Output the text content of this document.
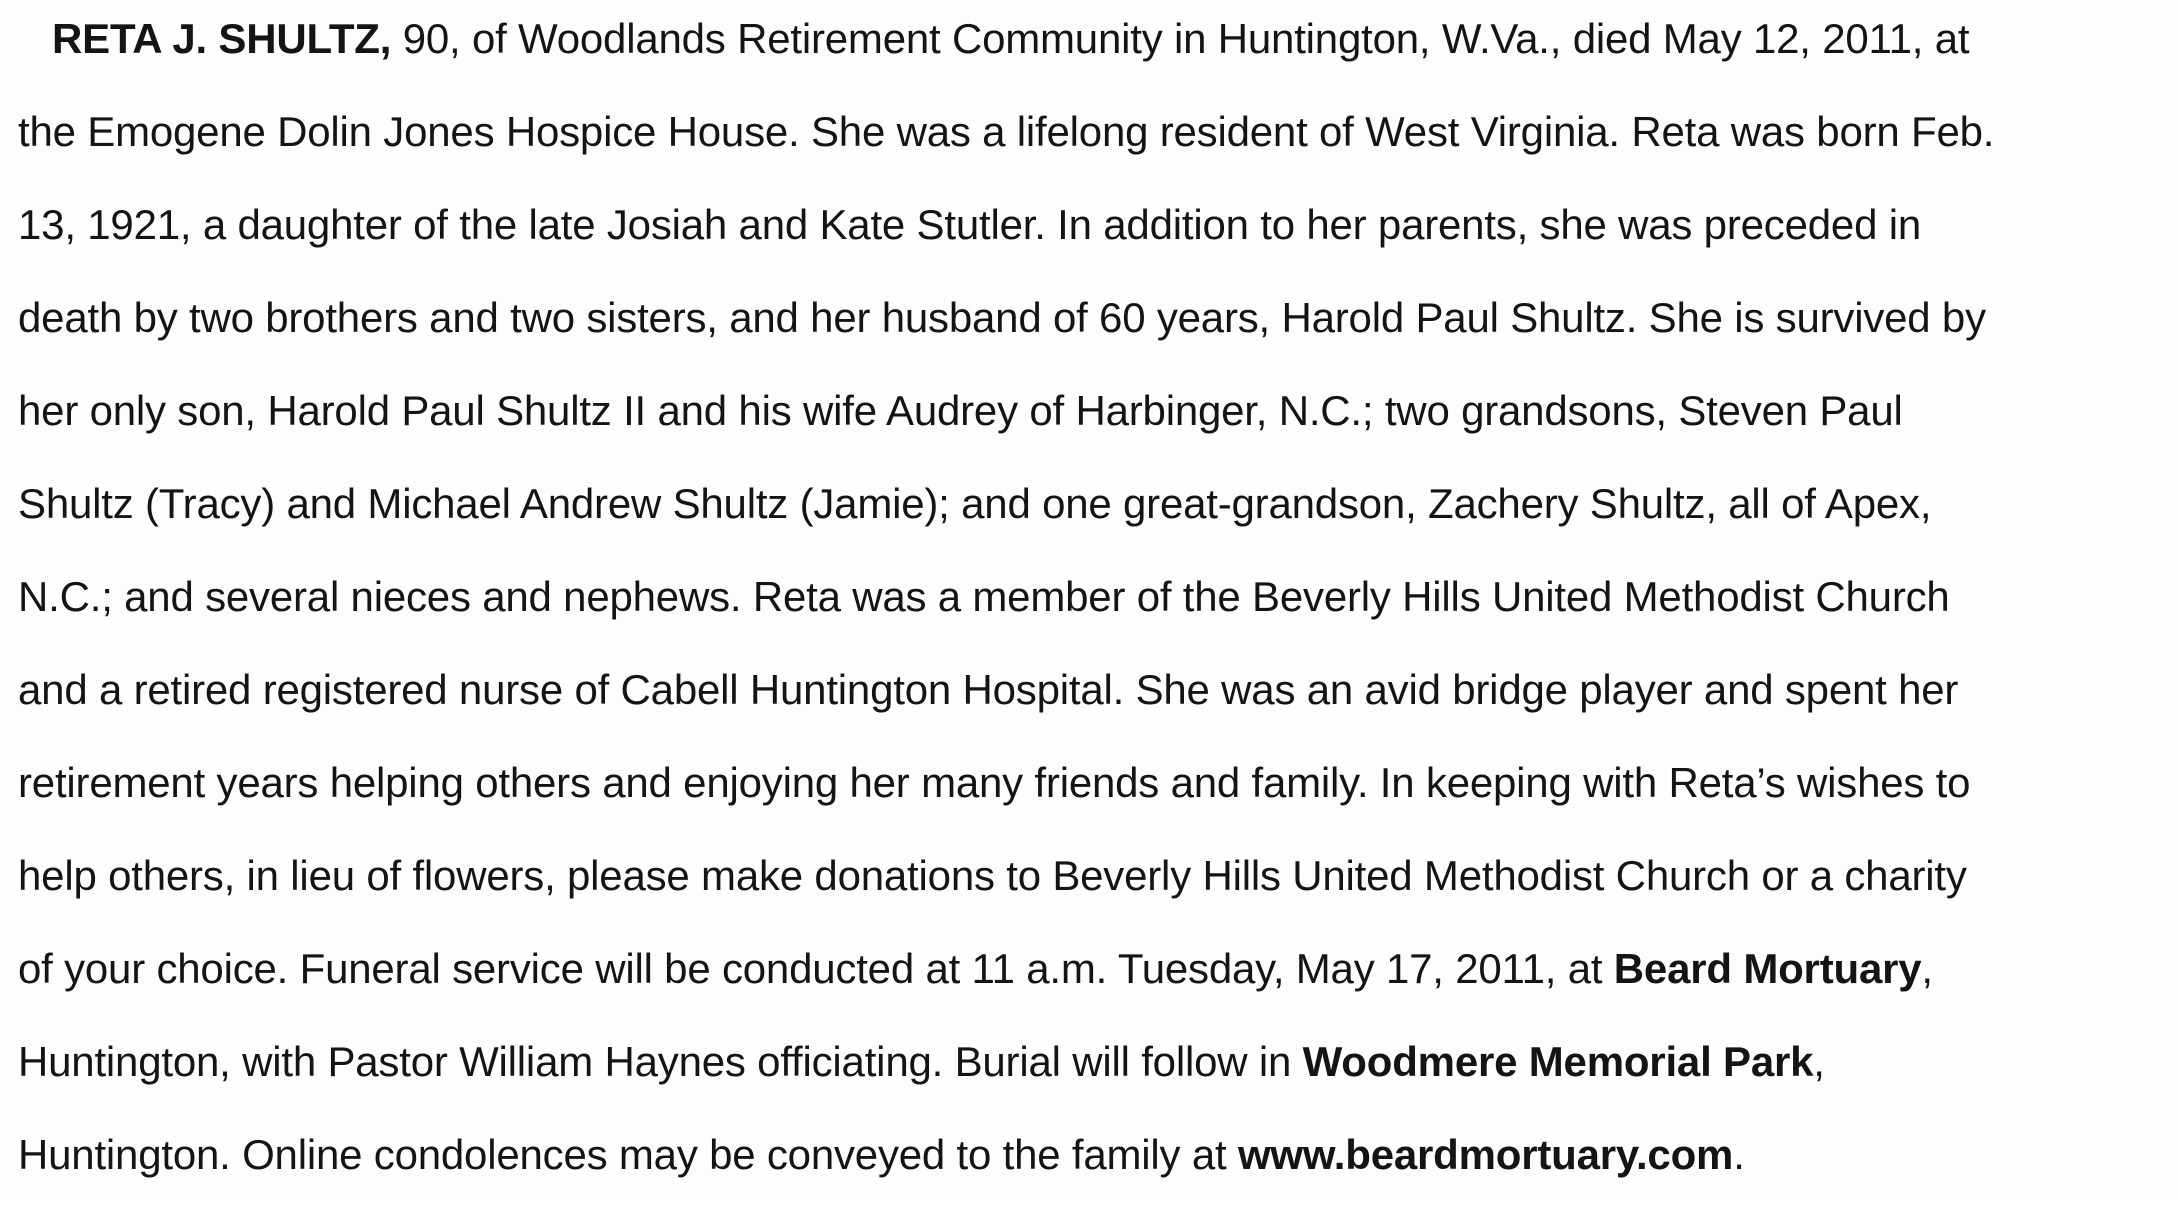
RETA J. SHULTZ, 90, of Woodlands Retirement Community in Huntington, W.Va., died May 12, 2011, at
the Emogene Dolin Jones Hospice House. She was a lifelong resident of West Virginia. Reta was born Feb.
13, 1921, a daughter of the late Josiah and Kate Stutler. In addition to her parents, she was preceded in
death by two brothers and two sisters, and her husband of 60 years, Harold Paul Shultz. She is survived by
her only son, Harold Paul Shultz II and his wife Audrey of Harbinger, N.C.; two grandsons, Steven Paul
Shultz (Tracy) and Michael Andrew Shultz (Jamie); and one great-grandson, Zachery Shultz, all of Apex,
N.C.; and several nieces and nephews. Reta was a member of the Beverly Hills United Methodist Church
and a retired registered nurse of Cabell Huntington Hospital. She was an avid bridge player and spent her
retirement years helping others and enjoying her many friends and family. In keeping with Reta’s wishes to
help others, in lieu of flowers, please make donations to Beverly Hills United Methodist Church or a charity
of your choice. Funeral service will be conducted at 11 a.m. Tuesday, May 17, 2011, at Beard Mortuary,
Huntington, with Pastor William Haynes officiating. Burial will follow in Woodmere Memorial Park,
Huntington. Online condolences may be conveyed to the family at www.beardmortuary.com.
